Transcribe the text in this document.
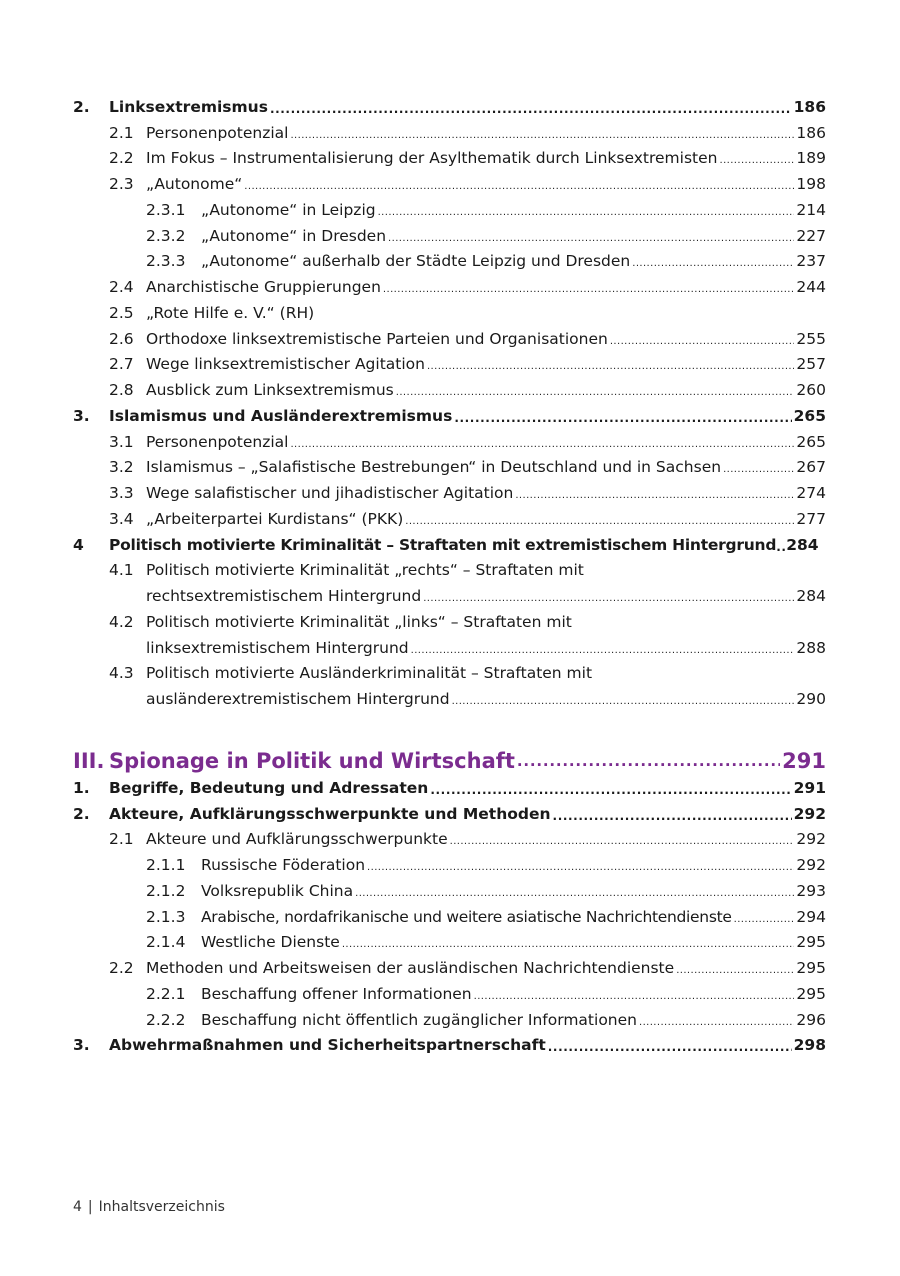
2.	Linksextremismus .....	186
2.1 Personenpotenzial .....	186
2.2 Im Fokus – Instrumentalisierung der Asylthematik durch Linksextremisten .....	189
2.3 „Autonome“ .....	198
2.3.1	„Autonome“ in Leipzig .....	214
2.3.2	„Autonome“ in Dresden .....	227
2.3.3	„Autonome“ außerhalb der Städte Leipzig und Dresden .....	237
2.4 Anarchistische Gruppierungen .....	244
2.5 „Rote Hilfe e. V.“ (RH)
2.6 Orthodoxe linksextremistische Parteien und Organisationen .....	255
2.7 Wege linksextremistischer Agitation .....	257
2.8 Ausblick zum Linksextremismus .....	260
3.	Islamismus und Ausländerextremismus .....	265
3.1 Personenpotenzial .....	265
3.2 Islamismus – „Salafistische Bestrebungen“ in Deutschland und in Sachsen .....	267
3.3 Wege salafistischer und jihadistischer Agitation .....	274
3.4 „Arbeiterpartei Kurdistans“ (PKK) .....	277
4	Politisch motivierte Kriminalität – Straftaten mit extremistischem Hintergrund ..... 284
4.1 Politisch motivierte Kriminalität „rechts“ – Straftaten mit
rechtsextremistischem Hintergrund .....	284
4.2 Politisch motivierte Kriminalität „links“ – Straftaten mit
linksextremistischem Hintergrund .....	288
4.3 Politisch motivierte Ausländerkriminalität – Straftaten mit
ausländerextremistischem Hintergrund .....	290
III. Spionage in Politik und Wirtschaft .....	291
1.	Begriffe, Bedeutung und Adressaten .....	291
2.	Akteure, Aufklärungsschwerpunkte und Methoden .....	292
2.1 Akteure und Aufklärungsschwerpunkte .....	292
2.1.1	Russische Föderation .....	292
2.1.2	Volksrepublik China .....	293
2.1.3	Arabische, nordafrikanische und weitere asiatische Nachrichtendienste .....	294
2.1.4	Westliche Dienste .....	295
2.2 Methoden und Arbeitsweisen der ausländischen Nachrichtendienste .....	295
2.2.1	Beschaffung offener Informationen .....	295
2.2.2	Beschaffung nicht öffentlich zugänglicher Informationen .....	296
3.	Abwehrmaßnahmen und Sicherheitspartnerschaft .....	298
4 | Inhaltsverzeichnis
